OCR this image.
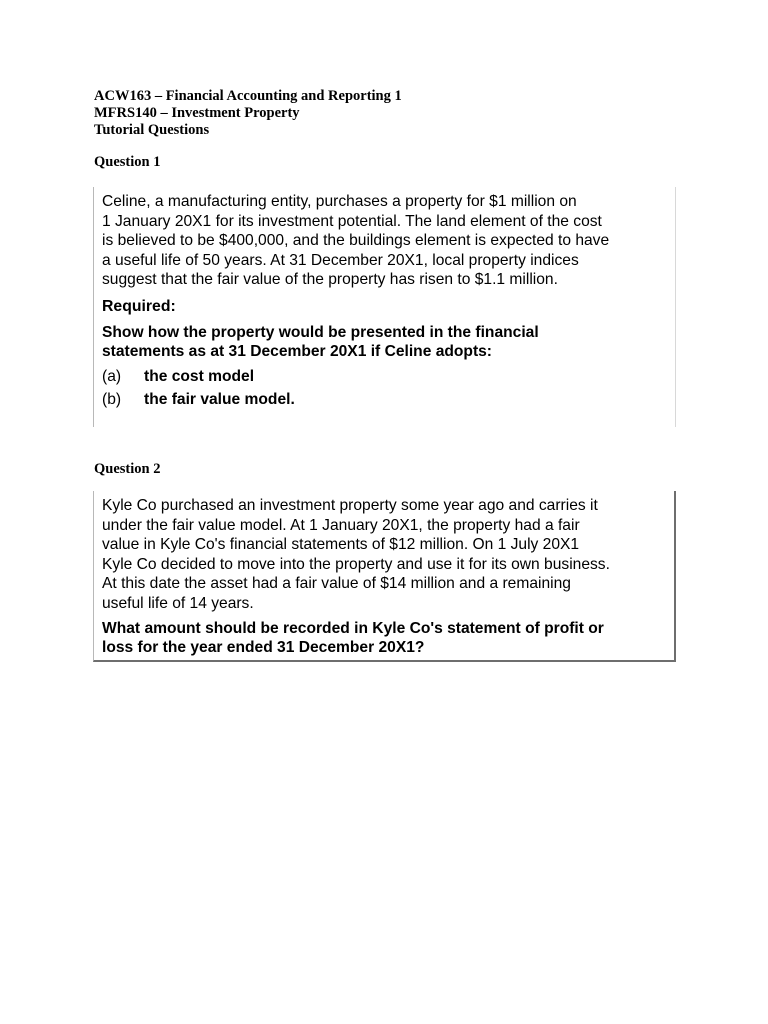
ACW163 – Financial Accounting and Reporting 1
MFRS140 – Investment Property
Tutorial Questions
Question 1
Celine, a manufacturing entity, purchases a property for $1 million on
1 January 20X1 for its investment potential. The land element of the cost
is believed to be $400,000, and the buildings element is expected to have
a useful life of 50 years. At 31 December 20X1, local property indices
suggest that the fair value of the property has risen to $1.1 million.
Required:
Show how the property would be presented in the financial
statements as at 31 December 20X1 if Celine adopts:
(a)	the cost model
(b)	the fair value model.
Question 2
Kyle Co purchased an investment property some year ago and carries it
under the fair value model. At 1 January 20X1, the property had a fair
value in Kyle Co's financial statements of $12 million. On 1 July 20X1
Kyle Co decided to move into the property and use it for its own business.
At this date the asset had a fair value of $14 million and a remaining
useful life of 14 years.
What amount should be recorded in Kyle Co's statement of profit or
loss for the year ended 31 December 20X1?
